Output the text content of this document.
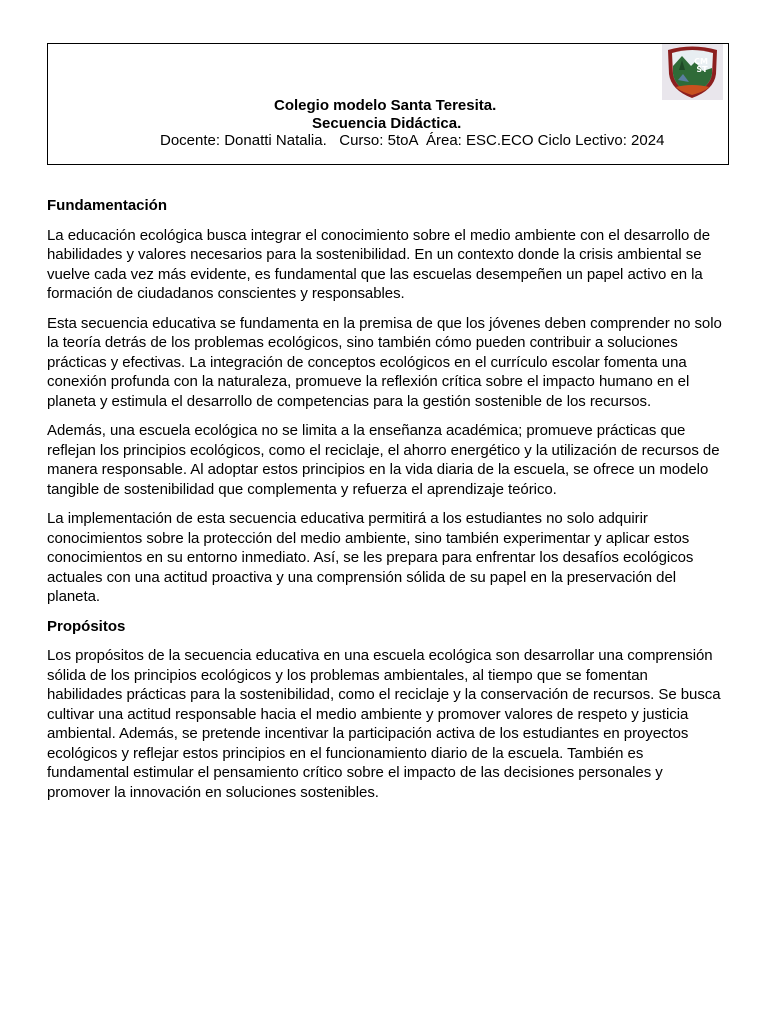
CM
ST
Colegio modelo Santa Teresita.
Secuencia Didáctica.
Docente: Donatti Natalia.   Curso: 5toA  Área: ESC.ECO Ciclo Lectivo: 2024
Fundamentación

La educación ecológica busca integrar el conocimiento sobre el medio ambiente con el desarrollo de habilidades y valores necesarios para la sostenibilidad. En un contexto donde la crisis ambiental se vuelve cada vez más evidente, es fundamental que las escuelas desempeñen un papel activo en la formación de ciudadanos conscientes y responsables.

Esta secuencia educativa se fundamenta en la premisa de que los jóvenes deben comprender no solo la teoría detrás de los problemas ecológicos, sino también cómo pueden contribuir a soluciones prácticas y efectivas. La integración de conceptos ecológicos en el currículo escolar fomenta una conexión profunda con la naturaleza, promueve la reflexión crítica sobre el impacto humano en el planeta y estimula el desarrollo de competencias para la gestión sostenible de los recursos.

Además, una escuela ecológica no se limita a la enseñanza académica; promueve prácticas que reflejan los principios ecológicos, como el reciclaje, el ahorro energético y la utilización de recursos de manera responsable. Al adoptar estos principios en la vida diaria de la escuela, se ofrece un modelo tangible de sostenibilidad que complementa y refuerza el aprendizaje teórico.

La implementación de esta secuencia educativa permitirá a los estudiantes no solo adquirir conocimientos sobre la protección del medio ambiente, sino también experimentar y aplicar estos conocimientos en su entorno inmediato. Así, se les prepara para enfrentar los desafíos ecológicos actuales con una actitud proactiva y una comprensión sólida de su papel en la preservación del planeta.

Propósitos

Los propósitos de la secuencia educativa en una escuela ecológica son desarrollar una comprensión sólida de los principios ecológicos y los problemas ambientales, al tiempo que se fomentan habilidades prácticas para la sostenibilidad, como el reciclaje y la conservación de recursos. Se busca cultivar una actitud responsable hacia el medio ambiente y promover valores de respeto y justicia ambiental. Además, se pretende incentivar la participación activa de los estudiantes en proyectos ecológicos y reflejar estos principios en el funcionamiento diario de la escuela. También es fundamental estimular el pensamiento crítico sobre el impacto de las decisiones personales y promover la innovación en soluciones sostenibles.
